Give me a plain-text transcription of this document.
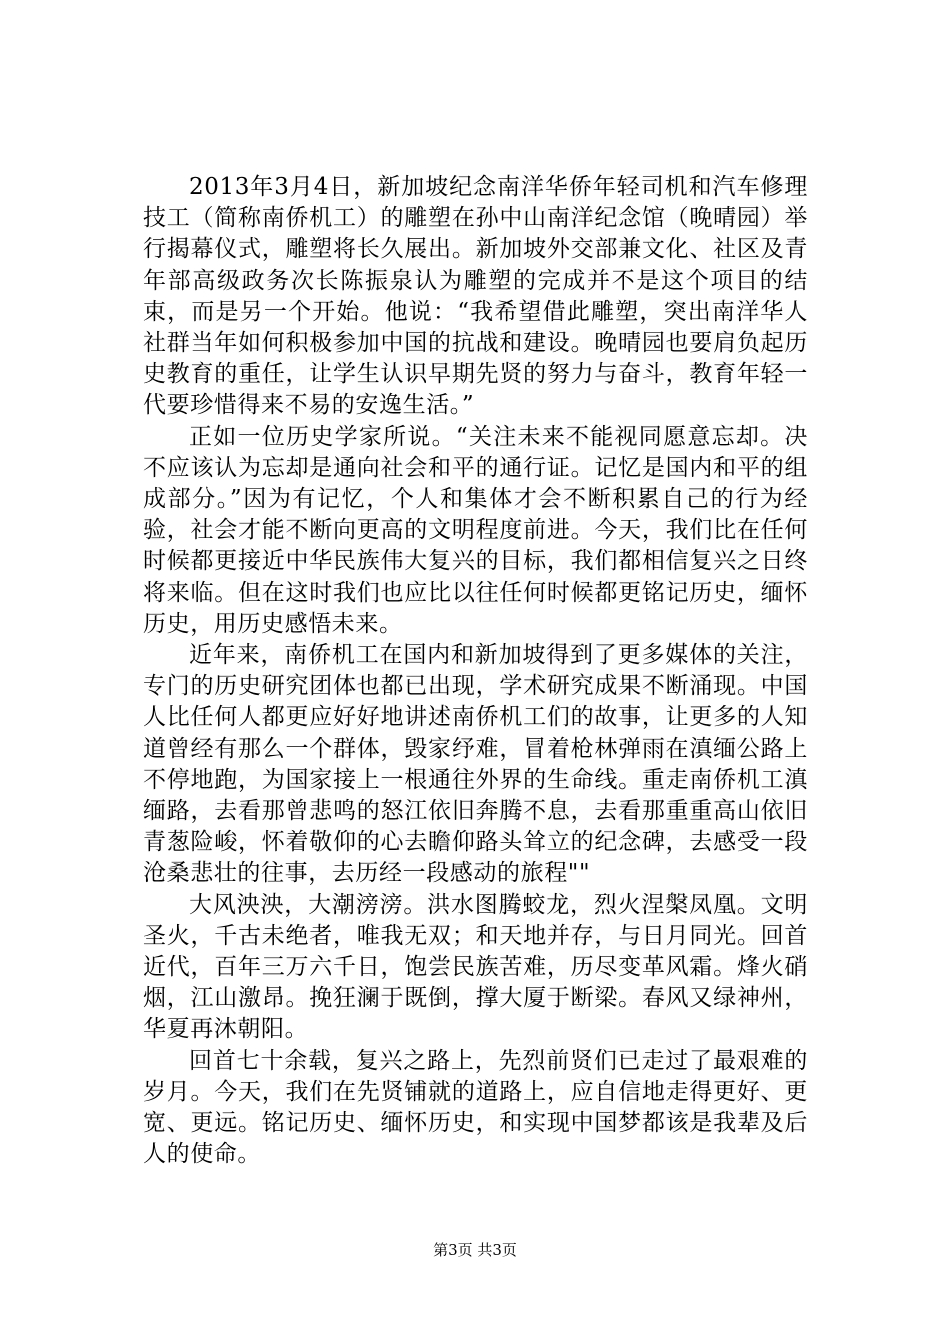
2013年3月4日，新加坡纪念南洋华侨年轻司机和汽车修理技工（简称南侨机工）的雕塑在孙中山南洋纪念馆（晚晴园）举行揭幕仪式，雕塑将长久展出。新加坡外交部兼文化、社区及青年部高级政务次长陈振泉认为雕塑的完成并不是这个项目的结束，而是另一个开始。他说：“我希望借此雕塑，突出南洋华人社群当年如何积极参加中国的抗战和建设。晚晴园也要肩负起历史教育的重任，让学生认识早期先贤的努力与奋斗，教育年轻一代要珍惜得来不易的安逸生活。”

正如一位历史学家所说。“关注未来不能视同愿意忘却。决不应该认为忘却是通向社会和平的通行证。记忆是国内和平的组成部分。”因为有记忆，个人和集体才会不断积累自己的行为经验，社会才能不断向更高的文明程度前进。今天，我们比在任何时候都更接近中华民族伟大复兴的目标，我们都相信复兴之日终将来临。但在这时我们也应比以往任何时候都更铭记历史，缅怀历史，用历史感悟未来。

近年来，南侨机工在国内和新加坡得到了更多媒体的关注，专门的历史研究团体也都已出现，学术研究成果不断涌现。中国人比任何人都更应好好地讲述南侨机工们的故事，让更多的人知道曾经有那么一个群体，毁家纾难，冒着枪林弹雨在滇缅公路上不停地跑，为国家接上一根通往外界的生命线。重走南侨机工滇缅路，去看那曾悲鸣的怒江依旧奔腾不息，去看那重重高山依旧青葱险峻，怀着敬仰的心去瞻仰路头耸立的纪念碑，去感受一段沧桑悲壮的往事，去历经一段感动的旅程""

大风泱泱，大潮滂滂。洪水图腾蛟龙，烈火涅槃凤凰。文明圣火，千古未绝者，唯我无双；和天地并存，与日月同光。回首近代，百年三万六千日，饱尝民族苦难，历尽变革风霜。烽火硝烟，江山激昂。挽狂澜于既倒，撑大厦于断梁。春风又绿神州，华夏再沐朝阳。

回首七十余载，复兴之路上，先烈前贤们已走过了最艰难的岁月。今天，我们在先贤铺就的道路上，应自信地走得更好、更宽、更远。铭记历史、缅怀历史，和实现中国梦都该是我辈及后人的使命。

第3页 共3页
